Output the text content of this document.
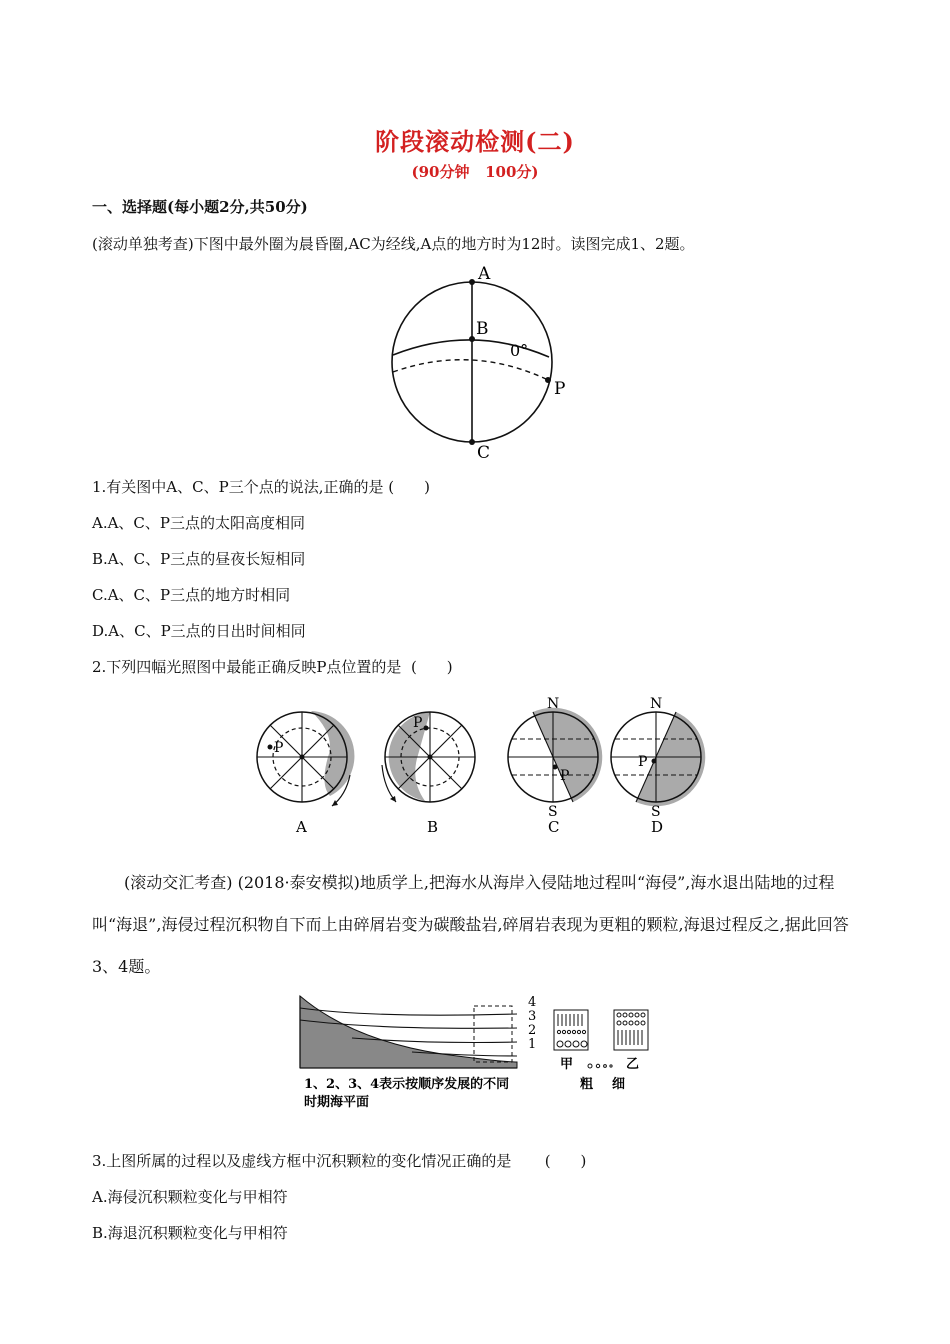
阶段滚动检测(二)
(90分钟   100分)
一、选择题(每小题2分,共50分)
(滚动单独考查)下图中最外圈为晨昏圈,AC为经线,A点的地方时为12时。读图完成1、2题。
A
B
C
P
0°
1.有关图中A、C、P三个点的说法,正确的是 (　　)
A.A、C、P三点的太阳高度相同
B.A、C、P三点的昼夜长短相同
C.A、C、P三点的地方时相同
D.A、C、P三点的日出时间相同
2.下列四幅光照图中最能正确反映P点位置的是  (　　)
P
A
P
B
P
N
S
C
P
N
S
D
(滚动交汇考查) (2018·泰安模拟)地质学上,把海水从海岸入侵陆地过程叫“海侵”,海水退出陆地的过程叫“海退”,海侵过程沉积物自下而上由碎屑岩变为碳酸盐岩,碎屑岩表现为更粗的颗粒,海退过程反之,据此回答3、4题。
4
3
2
1
甲	乙
1、2、3、4表示按顺序发展的不同
时期海平面
粗 细
3.上图所属的过程以及虚线方框中沉积颗粒的变化情况正确的是       (　　)
A.海侵沉积颗粒变化与甲相符
B.海退沉积颗粒变化与甲相符
